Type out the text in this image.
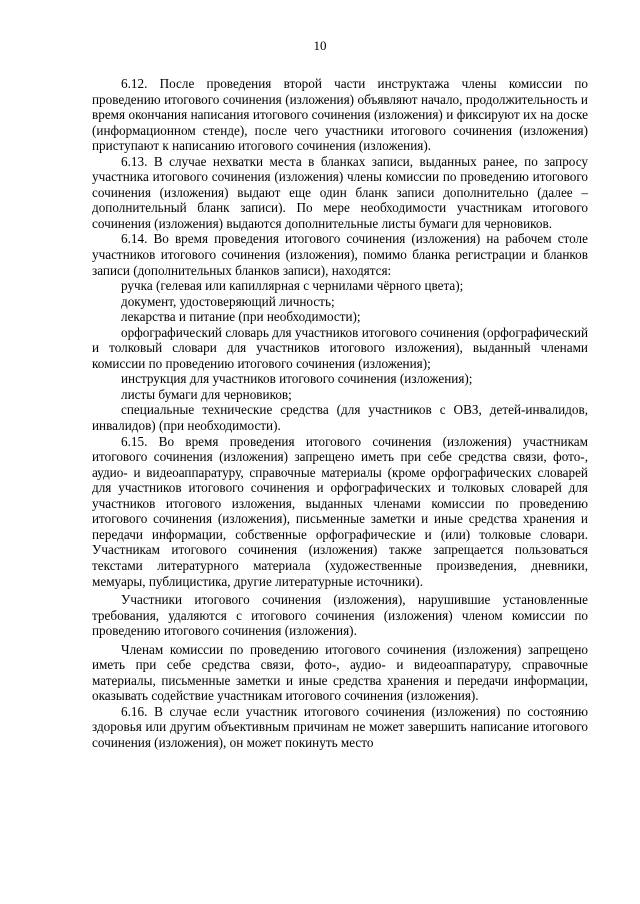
10

6.12. После проведения второй части инструктажа члены комиссии по проведению итогового сочинения (изложения) объявляют начало, продолжительность и время окончания написания итогового сочинения (изложения) и фиксируют их на доске (информационном стенде), после чего участники итогового сочинения (изложения) приступают к написанию итогового сочинения (изложения).

6.13. В случае нехватки места в бланках записи, выданных ранее, по запросу участника итогового сочинения (изложения) члены комиссии по проведению итогового сочинения (изложения) выдают еще один бланк записи дополнительно (далее – дополнительный бланк записи). По мере необходимости участникам итогового сочинения (изложения) выдаются дополнительные листы бумаги для черновиков.

6.14. Во время проведения итогового сочинения (изложения) на рабочем столе участников итогового сочинения (изложения), помимо бланка регистрации и бланков записи (дополнительных бланков записи), находятся:

ручка (гелевая или капиллярная с чернилами чёрного цвета);

документ, удостоверяющий личность;

лекарства и питание (при необходимости);

орфографический словарь для участников итогового сочинения (орфографический и толковый словари для участников итогового изложения), выданный членами комиссии по проведению итогового сочинения (изложения);

инструкция для участников итогового сочинения (изложения);

листы бумаги для черновиков;

специальные технические средства (для участников с ОВЗ, детей-инвалидов, инвалидов) (при необходимости).

6.15. Во время проведения итогового сочинения (изложения) участникам итогового сочинения (изложения) запрещено иметь при себе средства связи, фото-, аудио- и видеоаппаратуру, справочные материалы (кроме орфографических словарей для участников итогового сочинения и орфографических и толковых словарей для участников итогового изложения, выданных членами комиссии по проведению итогового сочинения (изложения), письменные заметки и иные средства хранения и передачи информации, собственные орфографические и (или) толковые словари. Участникам итогового сочинения (изложения) также запрещается пользоваться текстами литературного материала (художественные произведения, дневники, мемуары, публицистика, другие литературные источники).

Участники итогового сочинения (изложения), нарушившие установленные требования, удаляются с итогового сочинения (изложения) членом комиссии по проведению итогового сочинения (изложения).

Членам комиссии по проведению итогового сочинения (изложения) запрещено иметь при себе средства связи, фото-, аудио- и видеоаппаратуру, справочные материалы, письменные заметки и иные средства хранения и передачи информации, оказывать содействие участникам итогового сочинения (изложения).

6.16. В случае если участник итогового сочинения (изложения) по состоянию здоровья или другим объективным причинам не может завершить написание итогового сочинения (изложения), он может покинуть место
